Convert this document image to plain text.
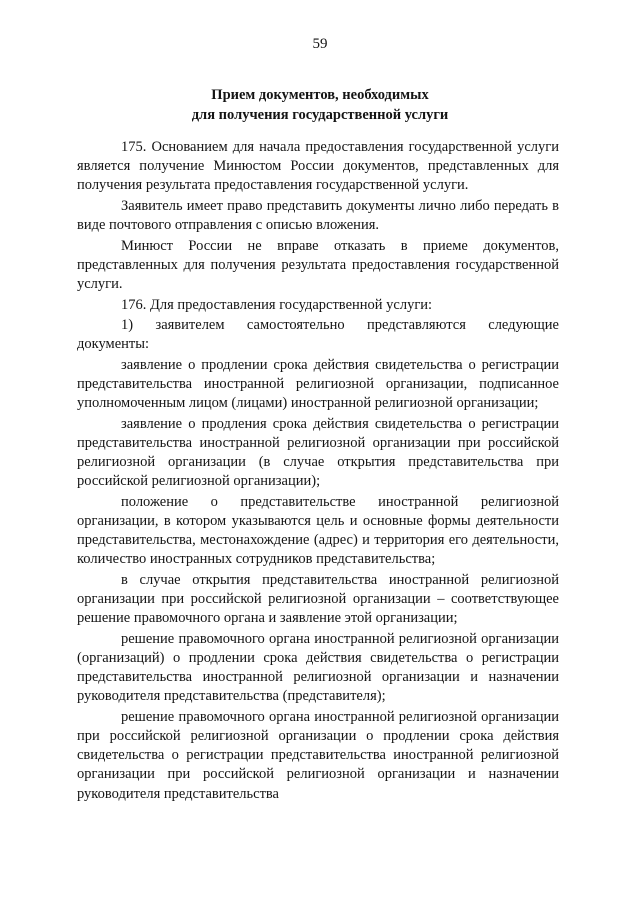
59
Прием документов, необходимых
для получения государственной услуги

175. Основанием для начала предоставления государственной услуги является получение Минюстом России документов, представленных для получения результата предоставления государственной услуги.

Заявитель имеет право представить документы лично либо передать в виде почтового отправления с описью вложения.

Минюст России не вправе отказать в приеме документов, представленных для получения результата предоставления государственной услуги.

176. Для предоставления государственной услуги:

1) заявителем самостоятельно представляются следующие документы:

заявление о продлении срока действия свидетельства о регистрации представительства иностранной религиозной организации, подписанное уполномоченным лицом (лицами) иностранной религиозной организации;

заявление о продления срока действия свидетельства о регистрации представительства иностранной религиозной организации при российской религиозной организации (в случае открытия представительства при российской религиозной организации);

положение о представительстве иностранной религиозной организации, в котором указываются цель и основные формы деятельности представительства, местонахождение (адрес) и территория его деятельности, количество иностранных сотрудников представительства;

в случае открытия представительства иностранной религиозной организации при российской религиозной организации – соответствующее решение правомочного органа и заявление этой организации;

решение правомочного органа иностранной религиозной организации (организаций) о продлении срока действия свидетельства о регистрации представительства иностранной религиозной организации и назначении руководителя представительства (представителя);

решение правомочного органа иностранной религиозной организации при российской религиозной организации о продлении срока действия свидетельства о регистрации представительства иностранной религиозной организации при российской религиозной организации и назначении руководителя представительства
